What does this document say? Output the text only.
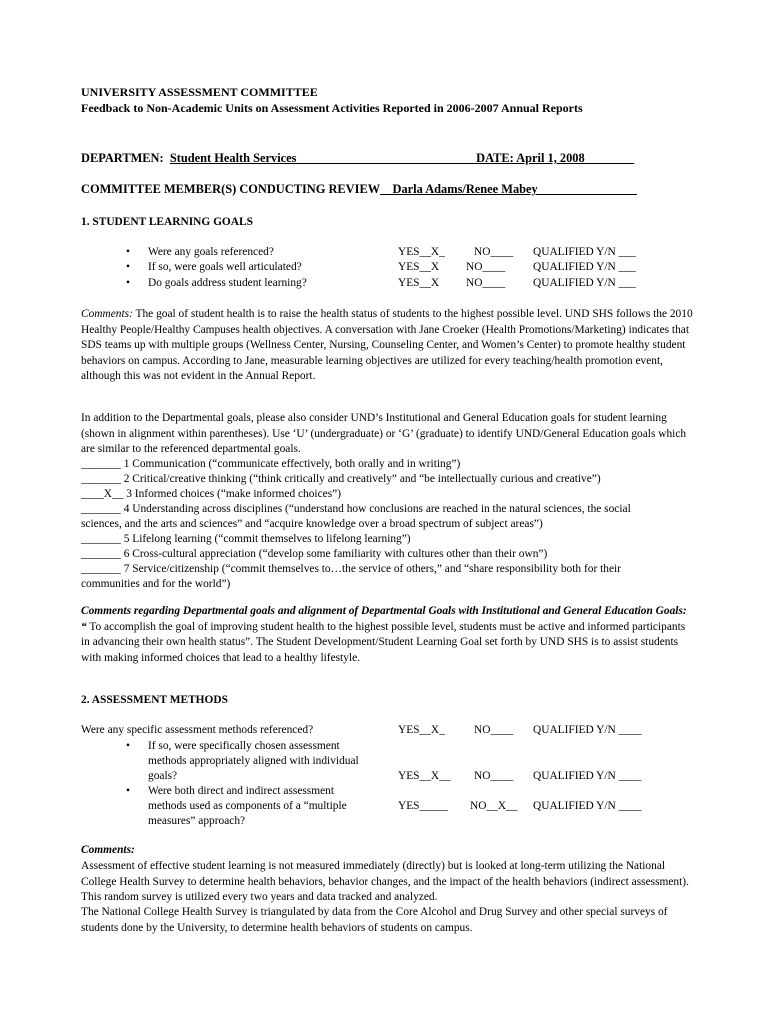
UNIVERSITY ASSESSMENT COMMITTEE
Feedback to Non-Academic Units on Assessment Activities Reported in 2006-2007 Annual Reports
DEPARTMEN: Student Health Services_____________________________DATE: April 1, 2008________
COMMITTEE MEMBER(S) CONDUCTING REVIEW__Darla Adams/Renee Mabey________________
1. STUDENT LEARNING GOALS
• Were any goals referenced?	YES__X_	NO____ QUALIFIED Y/N ___
• If so, were goals well articulated?	YES__X NO____ QUALIFIED Y/N ___
• Do goals address student learning?	YES__X NO____ QUALIFIED Y/N ___
Comments: The goal of student health is to raise the health status of students to the highest possible level. UND SHS follows the 2010 Healthy People/Healthy Campuses health objectives. A conversation with Jane Croeker (Health Promotions/Marketing) indicates that SDS teams up with multiple groups (Wellness Center, Nursing, Counseling Center, and Women’s Center) to promote healthy student behaviors on campus. According to Jane, measurable learning objectives are utilized for every teaching/health promotion event, although this was not evident in the Annual Report.
In addition to the Departmental goals, please also consider UND’s Institutional and General Education goals for student learning (shown in alignment within parentheses). Use ‘U’ (undergraduate) or ‘G’ (graduate) to identify UND/General Education goals which are similar to the referenced departmental goals.
_______ 1 Communication (“communicate effectively, both orally and in writing”)
_______ 2 Critical/creative thinking (“think critically and creatively” and “be intellectually curious and creative”)
____X__ 3 Informed choices (“make informed choices”)
_______ 4 Understanding across disciplines (“understand how conclusions are reached in the natural sciences, the social
sciences, and the arts and sciences” and “acquire knowledge over a broad spectrum of subject areas”)
_______ 5 Lifelong learning (“commit themselves to lifelong learning”)
_______ 6 Cross-cultural appreciation (“develop some familiarity with cultures other than their own”)
_______ 7 Service/citizenship (“commit themselves to…the service of others,” and “share responsibility both for their
communities and for the world”)
Comments regarding Departmental goals and alignment of Departmental Goals with Institutional and General Education Goals: “ To accomplish the goal of improving student health to the highest possible level, students must be active and informed participants in advancing their own health status”. The Student Development/Student Learning Goal set forth by UND SHS is to assist students with making informed choices that lead to a healthy lifestyle.
2. ASSESSMENT METHODS
Were any specific assessment methods referenced?	YES__X_	NO____ QUALIFIED Y/N ____
• If so, were specifically chosen assessment
methods appropriately aligned with individual
goals?	YES__X__ NO____ QUALIFIED Y/N ____
• Were both direct and indirect assessment
methods used as components of a “multiple
measures” approach?
YES_____ NO__X__ QUALIFIED Y/N ____
Comments:
Assessment of effective student learning is not measured immediately (directly) but is looked at long-term utilizing the National College Health Survey to determine health behaviors, behavior changes, and the impact of the health behaviors (indirect assessment). This random survey is utilized every two years and data tracked and analyzed.
The National College Health Survey is triangulated by data from the Core Alcohol and Drug Survey and other special surveys of students done by the University, to determine health behaviors of students on campus.
